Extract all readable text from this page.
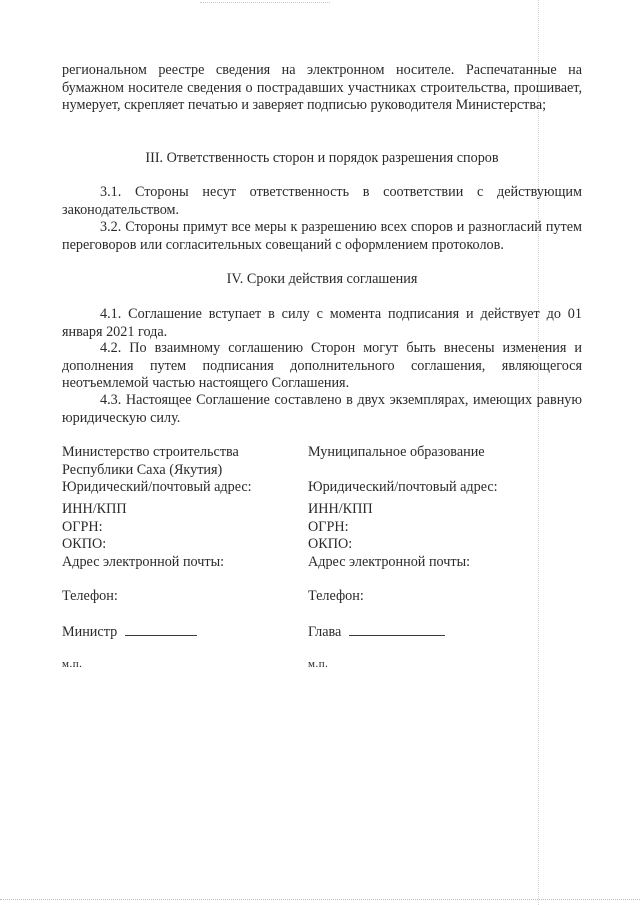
региональном реестре сведения на электронном носителе. Распечатанные на бумажном носителе сведения о пострадавших участниках строительства, прошивает, нумерует, скрепляет печатью и заверяет подписью руководителя Министерства;

III. Ответственность сторон и порядок разрешения споров

3.1. Стороны несут ответственность в соответствии с действующим законодательством.

3.2. Стороны примут все меры к разрешению всех споров и разногласий путем переговоров или согласительных совещаний с оформлением протоколов.

IV. Сроки действия соглашения

4.1. Соглашение вступает в силу с момента подписания и действует до 01 января 2021 года.

4.2. По взаимному соглашению Сторон могут быть внесены изменения и дополнения путем подписания дополнительного соглашения, являющегося неотъемлемой частью настоящего Соглашения.

4.3. Настоящее Соглашение составлено в двух экземплярах, имеющих равную юридическую силу.

Министерство строительства
Республики Саха (Якутия)
Юридический/почтовый адрес:
ИНН/КПП
ОГРН:
ОКПО:
Адрес электронной почты:
Телефон:
Министр
м.п.
Муниципальное образование
Юридический/почтовый адрес:
ИНН/КПП
ОГРН:
ОКПО:
Адрес электронной почты:
Телефон:
Глава
м.п.
